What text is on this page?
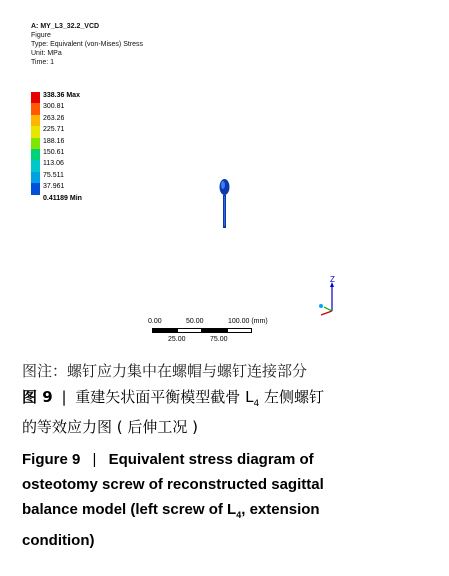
A: MY_L3_32.2_VCD
Figure
Type: Equivalent (von-Mises) Stress
Unit: MPa
Time: 1
338.36 Max
300.81
263.26
225.71
188.16
150.61
113.06
75.511
37.961
0.41189 Min
Z
0.00	50.00	100.00 (mm)
25.00	75.00
图注：螺钉应力集中在螺帽与螺钉连接部分
图 9 | 重建矢状面平衡模型截骨 $L_4$ 左侧螺钉
的等效应力图 ( 后伸工况 )
Figure 9 | Equivalent stress diagram of
osteotomy screw of reconstructed sagittal
balance model (left screw of $L_4$, extension
condition)
